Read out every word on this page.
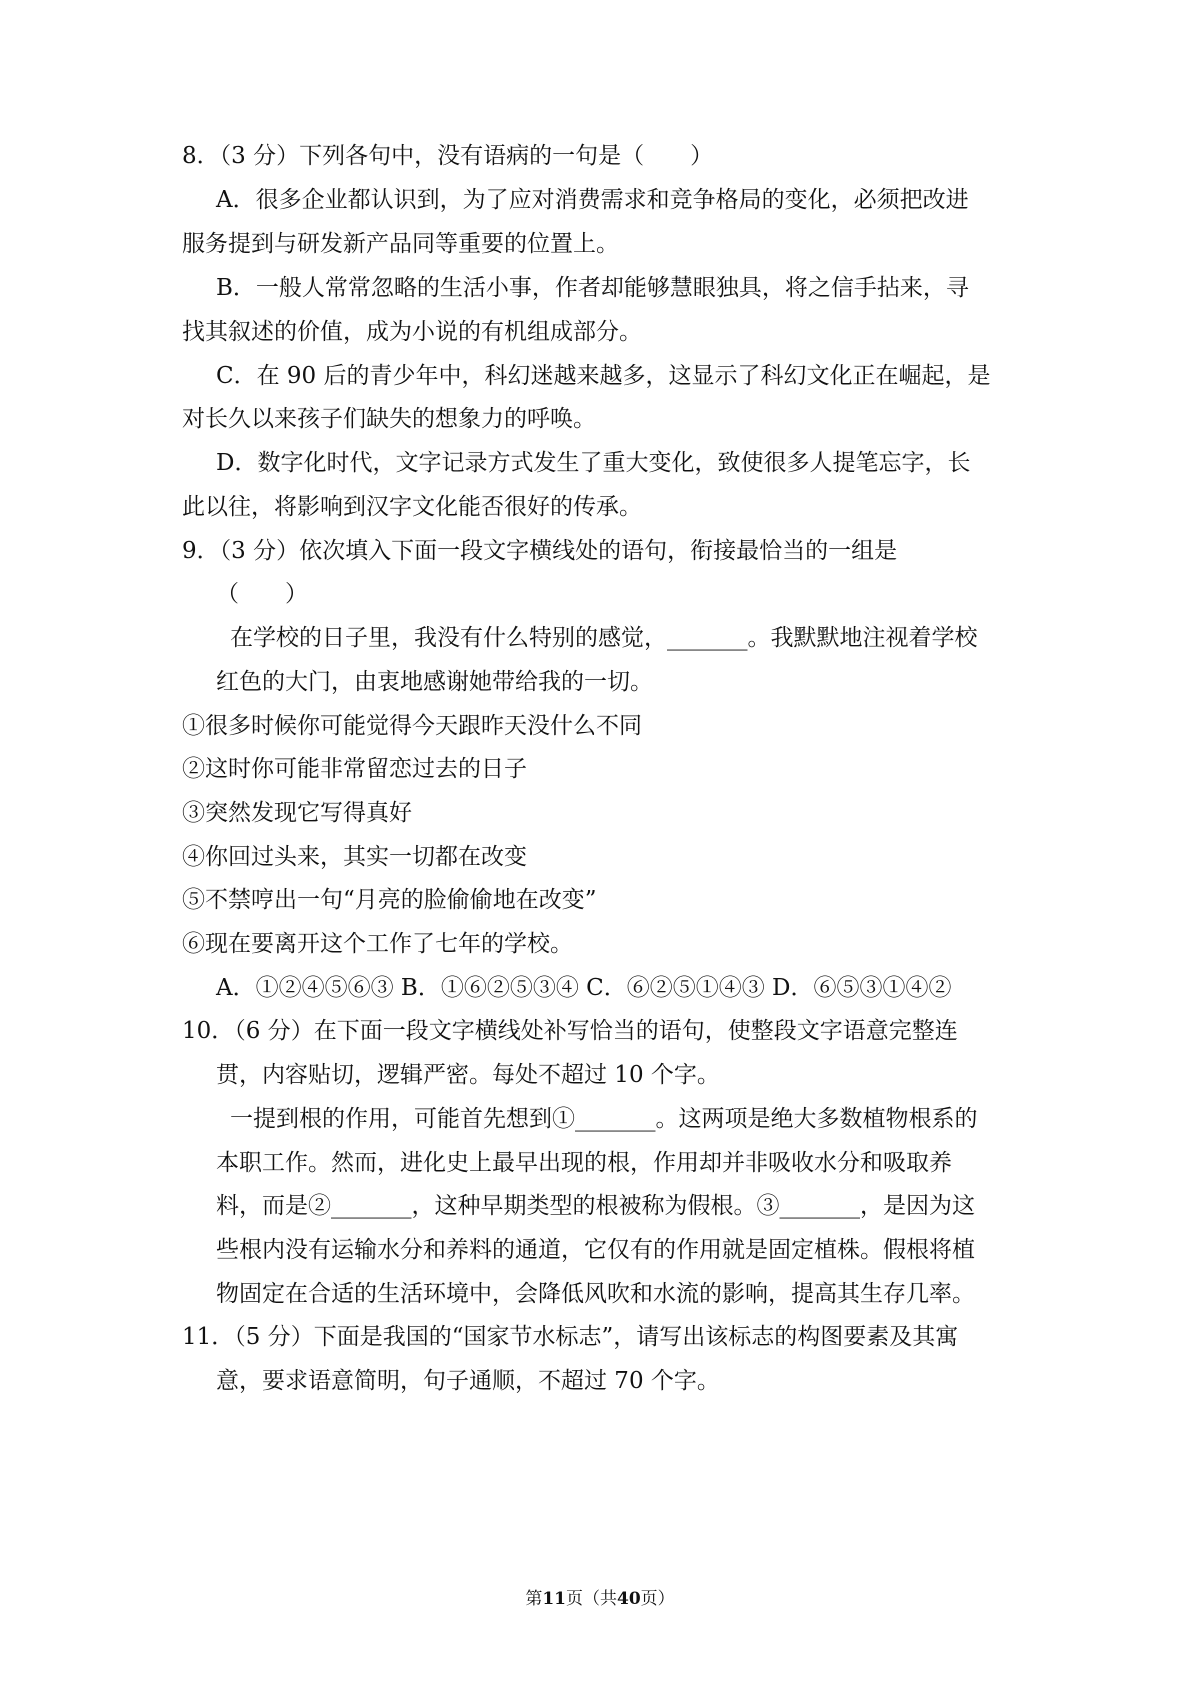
8．（3 分）下列各句中，没有语病的一句是（　　）
A．很多企业都认识到，为了应对消费需求和竞争格局的变化，必须把改进
服务提到与研发新产品同等重要的位置上。
B．一般人常常忽略的生活小事，作者却能够慧眼独具，将之信手拈来，寻
找其叙述的价值，成为小说的有机组成部分。
C．在 90 后的青少年中，科幻迷越来越多，这显示了科幻文化正在崛起，是
对长久以来孩子们缺失的想象力的呼唤。
D．数字化时代，文字记录方式发生了重大变化，致使很多人提笔忘字，长
此以往，将影响到汉字文化能否很好的传承。
9．（3 分）依次填入下面一段文字横线处的语句，衔接最恰当的一组是
（　　）
在学校的日子里，我没有什么特别的感觉，_______。我默默地注视着学校
红色的大门，由衷地感谢她带给我的一切。
①很多时候你可能觉得今天跟昨天没什么不同
②这时你可能非常留恋过去的日子
③突然发现它写得真好
④你回过头来，其实一切都在改变
⑤不禁哼出一句“月亮的脸偷偷地在改变”
⑥现在要离开这个工作了七年的学校。
A．①②④⑤⑥③ B．①⑥②⑤③④ C．⑥②⑤①④③ D．⑥⑤③①④②
10．（6 分）在下面一段文字横线处补写恰当的语句，使整段文字语意完整连
贯，内容贴切，逻辑严密。每处不超过 10 个字。
一提到根的作用，可能首先想到①_______。这两项是绝大多数植物根系的
本职工作。然而，进化史上最早出现的根，作用却并非吸收水分和吸取养
料，而是②_______，这种早期类型的根被称为假根。③_______，是因为这
些根内没有运输水分和养料的通道，它仅有的作用就是固定植株。假根将植
物固定在合适的生活环境中，会降低风吹和水流的影响，提高其生存几率。
11．（5 分）下面是我国的“国家节水标志”，请写出该标志的构图要素及其寓
意，要求语意简明，句子通顺，不超过 70 个字。
第11页（共40页）
